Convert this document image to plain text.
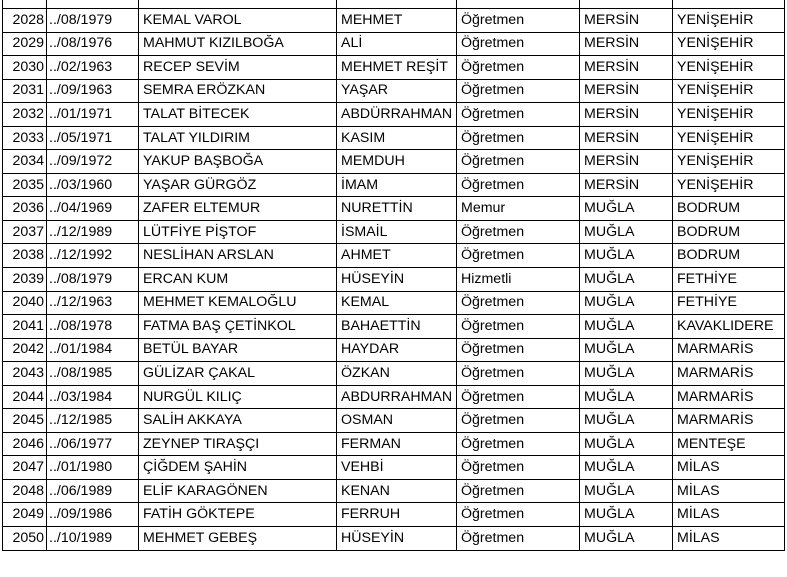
2028	../08/1979	KEMAL VAROL	MEHMET	Öğretmen	MERSİN	YENİŞEHİR
2029	../08/1976	MAHMUT KIZILBOĞA	ALİ	Öğretmen	MERSİN	YENİŞEHİR
2030	../02/1963	RECEP SEVİM	MEHMET REŞİT	Öğretmen	MERSİN	YENİŞEHİR
2031	../09/1963	SEMRA ERÖZKAN	YAŞAR	Öğretmen	MERSİN	YENİŞEHİR
2032	../01/1971	TALAT BİTECEK	ABDÜRRAHMAN	Öğretmen	MERSİN	YENİŞEHİR
2033	../05/1971	TALAT YILDIRIM	KASIM	Öğretmen	MERSİN	YENİŞEHİR
2034	../09/1972	YAKUP BAŞBOĞA	MEMDUH	Öğretmen	MERSİN	YENİŞEHİR
2035	../03/1960	YAŞAR GÜRGÖZ	İMAM	Öğretmen	MERSİN	YENİŞEHİR
2036	../04/1969	ZAFER ELTEMUR	NURETTİN	Memur	MUĞLA	BODRUM
2037	../12/1989	LÜTFİYE PİŞTOF	İSMAİL	Öğretmen	MUĞLA	BODRUM
2038	../12/1992	NESLİHAN ARSLAN	AHMET	Öğretmen	MUĞLA	BODRUM
2039	../08/1979	ERCAN KUM	HÜSEYİN	Hizmetli	MUĞLA	FETHİYE
2040	../12/1963	MEHMET KEMALOĞLU	KEMAL	Öğretmen	MUĞLA	FETHİYE
2041	../08/1978	FATMA BAŞ ÇETİNKOL	BAHAETTİN	Öğretmen	MUĞLA	KAVAKLIDERE
2042	../01/1984	BETÜL BAYAR	HAYDAR	Öğretmen	MUĞLA	MARMARİS
2043	../08/1985	GÜLİZAR ÇAKAL	ÖZKAN	Öğretmen	MUĞLA	MARMARİS
2044	../03/1984	NURGÜL KILIÇ	ABDURRAHMAN	Öğretmen	MUĞLA	MARMARİS
2045	../12/1985	SALİH AKKAYA	OSMAN	Öğretmen	MUĞLA	MARMARİS
2046	../06/1977	ZEYNEP TIRAŞÇI	FERMAN	Öğretmen	MUĞLA	MENTEŞE
2047	../01/1980	ÇİĞDEM ŞAHİN	VEHBİ	Öğretmen	MUĞLA	MİLAS
2048	../06/1989	ELİF KARAGÖNEN	KENAN	Öğretmen	MUĞLA	MİLAS
2049	../09/1986	FATİH GÖKTEPE	FERRUH	Öğretmen	MUĞLA	MİLAS
2050	../10/1989	MEHMET GEBEŞ	HÜSEYİN	Öğretmen	MUĞLA	MİLAS
